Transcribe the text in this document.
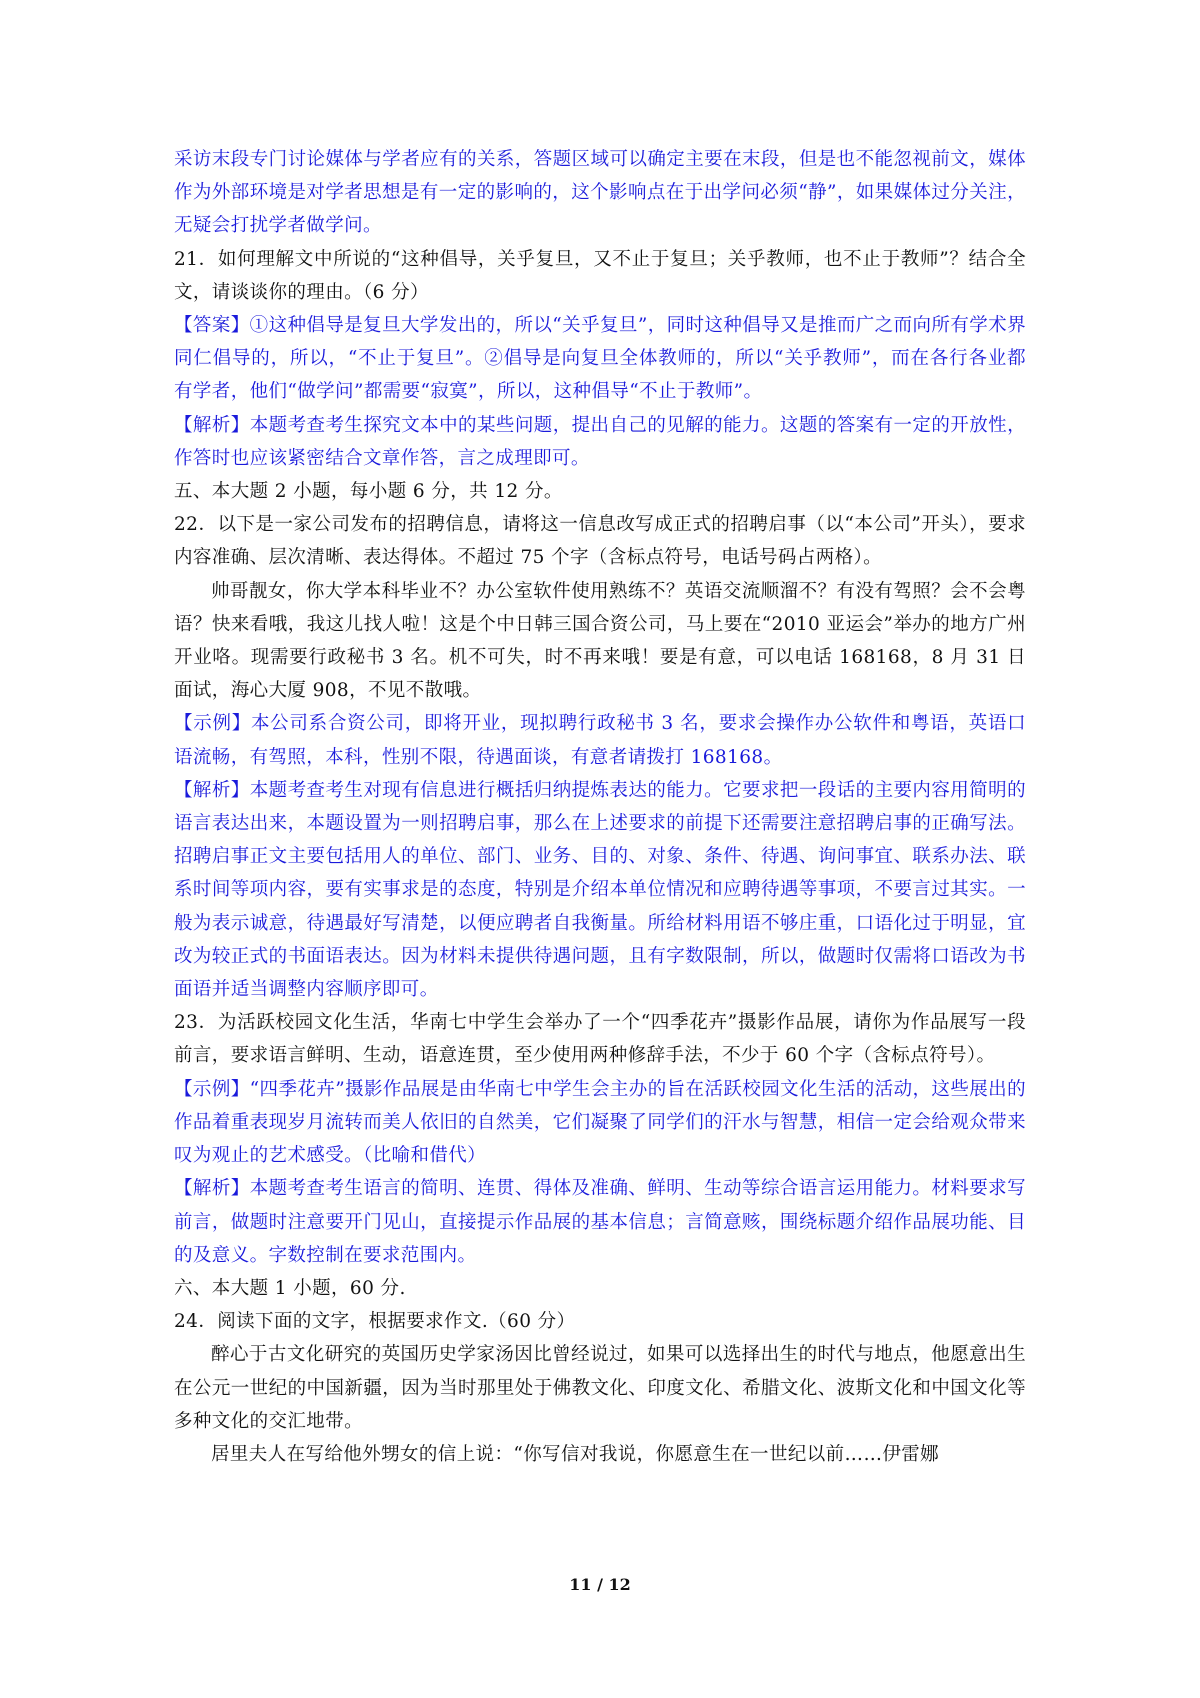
采访末段专门讨论媒体与学者应有的关系，答题区域可以确定主要在末段，但是也不能忽视前文，媒体作为外部环境是对学者思想是有一定的影响的，这个影响点在于出学问必须“静”，如果媒体过分关注，无疑会打扰学者做学问。

21．如何理解文中所说的“这种倡导，关乎复旦，又不止于复旦；关乎教师，也不止于教师”？结合全文，请谈谈你的理由。（6 分）

【答案】①这种倡导是复旦大学发出的，所以“关乎复旦”，同时这种倡导又是推而广之而向所有学术界同仁倡导的，所以，“不止于复旦”。②倡导是向复旦全体教师的，所以“关乎教师”，而在各行各业都有学者，他们“做学问”都需要“寂寞”，所以，这种倡导“不止于教师”。

【解析】本题考查考生探究文本中的某些问题，提出自己的见解的能力。这题的答案有一定的开放性，作答时也应该紧密结合文章作答，言之成理即可。

五、本大题 2 小题，每小题 6 分，共 12 分。

22．以下是一家公司发布的招聘信息，请将这一信息改写成正式的招聘启事（以“本公司”开头），要求内容准确、层次清晰、表达得体。不超过 75 个字（含标点符号，电话号码占两格）。

帅哥靓女，你大学本科毕业不？办公室软件使用熟练不？英语交流顺溜不？有没有驾照？会不会粤语？快来看哦，我这儿找人啦！这是个中日韩三国合资公司，马上要在“2010 亚运会”举办的地方广州开业咯。现需要行政秘书 3 名。机不可失，时不再来哦！要是有意，可以电话 168168，8 月 31 日面试，海心大厦 908，不见不散哦。

【示例】本公司系合资公司，即将开业，现拟聘行政秘书 3 名，要求会操作办公软件和粤语，英语口语流畅，有驾照，本科，性别不限，待遇面谈，有意者请拨打 168168。

【解析】本题考查考生对现有信息进行概括归纳提炼表达的能力。它要求把一段话的主要内容用简明的语言表达出来，本题设置为一则招聘启事，那么在上述要求的前提下还需要注意招聘启事的正确写法。招聘启事正文主要包括用人的单位、部门、业务、目的、对象、条件、待遇、询问事宜、联系办法、联系时间等项内容，要有实事求是的态度，特别是介绍本单位情况和应聘待遇等事项，不要言过其实。一般为表示诚意，待遇最好写清楚，以便应聘者自我衡量。所给材料用语不够庄重，口语化过于明显，宜改为较正式的书面语表达。因为材料未提供待遇问题，且有字数限制，所以，做题时仅需将口语改为书面语并适当调整内容顺序即可。

23．为活跃校园文化生活，华南七中学生会举办了一个“四季花卉”摄影作品展，请你为作品展写一段前言，要求语言鲜明、生动，语意连贯，至少使用两种修辞手法，不少于 60 个字（含标点符号）。

【示例】“四季花卉”摄影作品展是由华南七中学生会主办的旨在活跃校园文化生活的活动，这些展出的作品着重表现岁月流转而美人依旧的自然美，它们凝聚了同学们的汗水与智慧，相信一定会给观众带来叹为观止的艺术感受。（比喻和借代）

【解析】本题考查考生语言的简明、连贯、得体及准确、鲜明、生动等综合语言运用能力。材料要求写前言，做题时注意要开门见山，直接提示作品展的基本信息；言简意赅，围绕标题介绍作品展功能、目的及意义。字数控制在要求范围内。

六、本大题 1 小题，60 分.

24．阅读下面的文字，根据要求作文.（60 分）

醉心于古文化研究的英国历史学家汤因比曾经说过，如果可以选择出生的时代与地点，他愿意出生在公元一世纪的中国新疆，因为当时那里处于佛教文化、印度文化、希腊文化、波斯文化和中国文化等多种文化的交汇地带。

居里夫人在写给他外甥女的信上说：“你写信对我说，你愿意生在一世纪以前……伊雷娜

11 / 12
